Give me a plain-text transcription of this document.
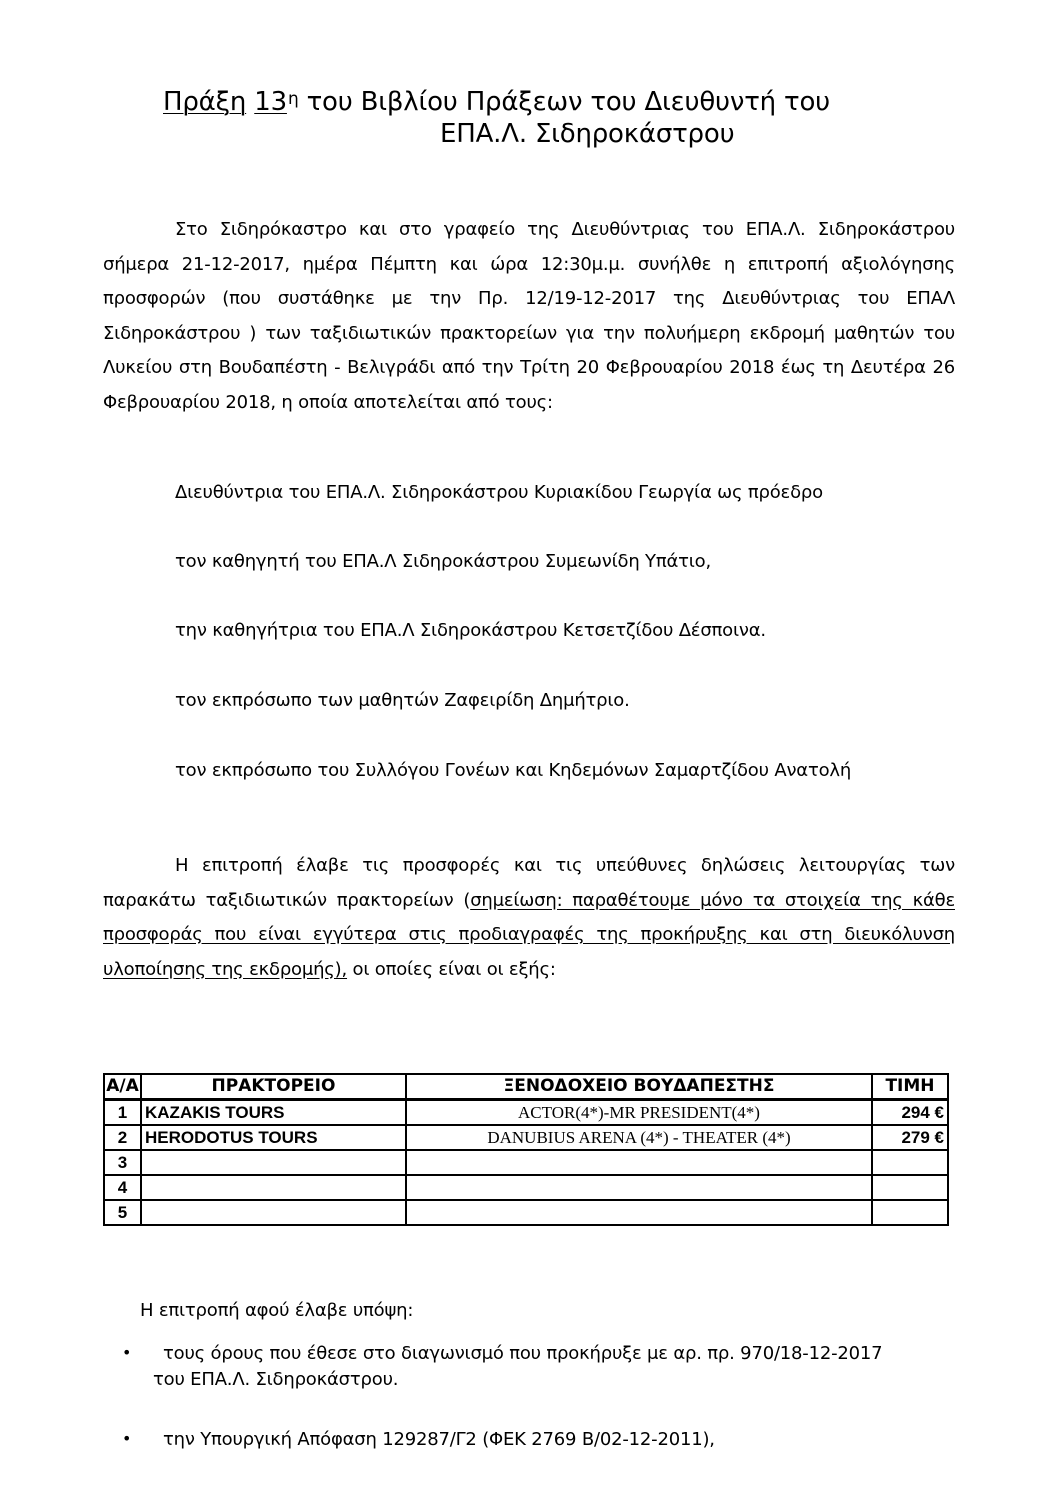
Πράξη $13^\eta$ του Βιβλίου Πράξεων του Διευθυντή του
ΕΠΑ.Λ. Σιδηροκάστρου
Στο Σιδηρόκαστρο και στο γραφείο της Διευθύντριας του ΕΠΑ.Λ. Σιδηροκάστρου σήμερα 21-12-2017, ημέρα Πέμπτη και ώρα 12:30μ.μ. συνήλθε η επιτροπή αξιολόγησης προσφορών (που συστάθηκε με την Πρ. 12/19-12-2017 της Διευθύντριας του ΕΠΑΛ Σιδηροκάστρου ) των ταξιδιωτικών πρακτορείων για την πολυήμερη εκδρομή μαθητών του Λυκείου στη Βουδαπέστη - Βελιγράδι από την Τρίτη 20 Φεβρουαρίου 2018 έως τη Δευτέρα 26 Φεβρουαρίου 2018, η οποία αποτελείται από τους:
Διευθύντρια του ΕΠΑ.Λ. Σιδηροκάστρου Κυριακίδου Γεωργία ως πρόεδρο
τον καθηγητή του ΕΠΑ.Λ Σιδηροκάστρου Συμεωνίδη Υπάτιο,
την καθηγήτρια του ΕΠΑ.Λ Σιδηροκάστρου Κετσετζίδου Δέσποινα.
τον εκπρόσωπο των μαθητών Ζαφειρίδη Δημήτριο.
τον εκπρόσωπο του Συλλόγου Γονέων και Κηδεμόνων Σαμαρτζίδου Ανατολή
Η επιτροπή έλαβε τις προσφορές και τις υπεύθυνες δηλώσεις λειτουργίας των παρακάτω ταξιδιωτικών πρακτορείων (σημείωση: παραθέτουμε μόνο τα στοιχεία της κάθε προσφοράς που είναι εγγύτερα στις προδιαγραφές της προκήρυξης και στη διευκόλυνση υλοποίησης της εκδρομής), οι οποίες είναι οι εξής:
Α/Α	ΠΡΑΚΤΟΡΕΙΟ	ΞΕΝΟΔΟΧΕΙΟ ΒΟΥΔΑΠΕΣΤΗΣ	ΤΙΜΗ
1	KAZAKIS TOURS	ACTOR(4*)-MR PRESIDENT(4*)	294 €
2	HERODOTUS TOURS	DANUBIUS ARENA (4*) - THEATER (4*)	279 €
3			
4			
5			
Η επιτροπή αφού έλαβε υπόψη:
• τους όρους που έθεσε στο διαγωνισμό που προκήρυξε με αρ. πρ. 970/18-12-2017
του ΕΠΑ.Λ. Σιδηροκάστρου.
• την Υπουργική Απόφαση 129287/Γ2 (ΦΕΚ 2769 Β/02-12-2011),
